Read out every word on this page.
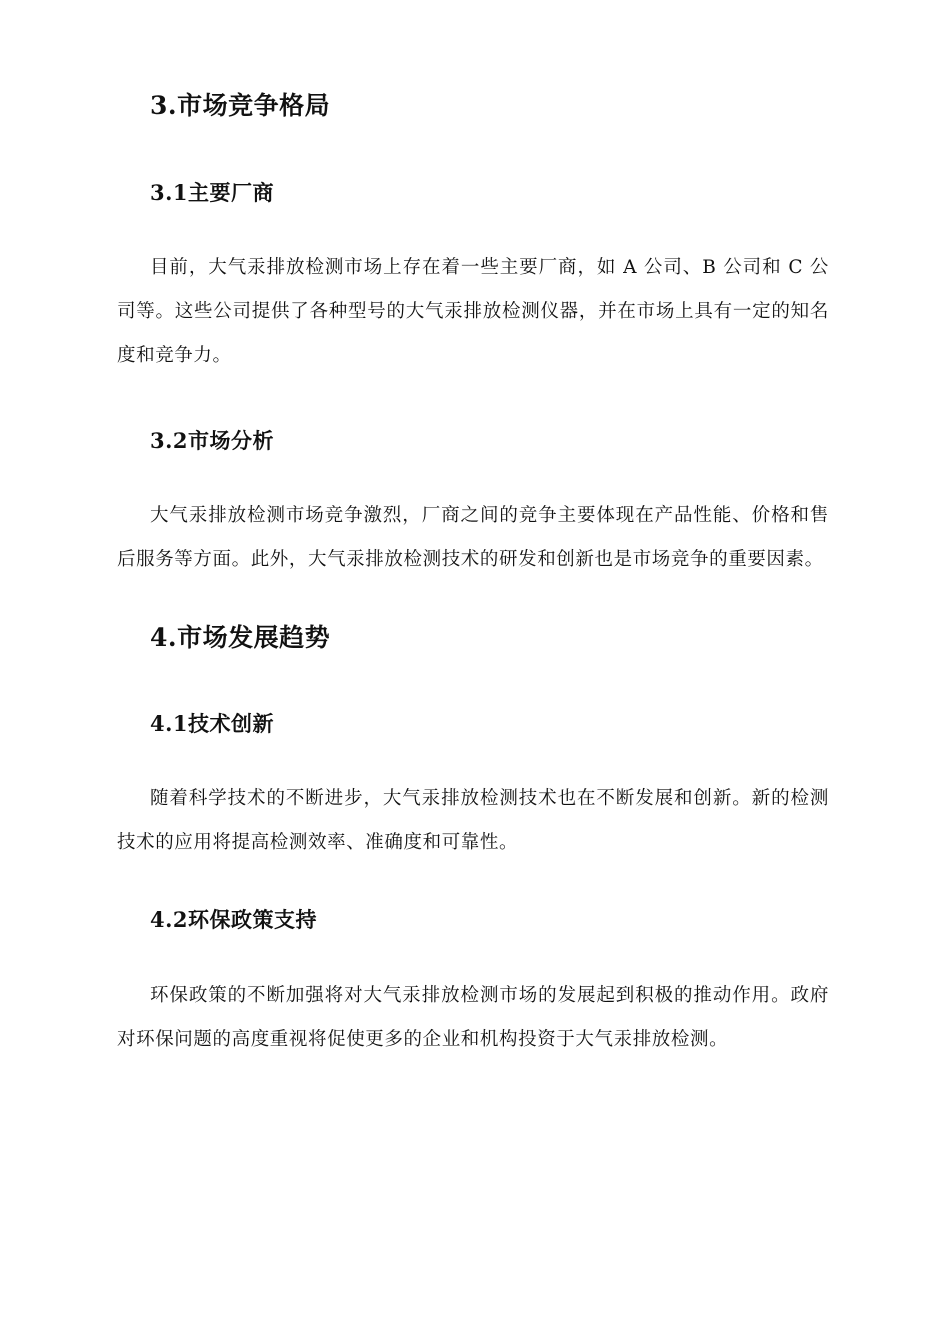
3.市场竞争格局
3.1主要厂商

目前，大气汞排放检测市场上存在着一些主要厂商，如 A 公司、B 公司和 C 公司等。这些公司提供了各种型号的大气汞排放检测仪器，并在市场上具有一定的知名度和竞争力。

3.2市场分析

大气汞排放检测市场竞争激烈，厂商之间的竞争主要体现在产品性能、价格和售后服务等方面。此外，大气汞排放检测技术的研发和创新也是市场竞争的重要因素。

4.市场发展趋势
4.1技术创新

随着科学技术的不断进步，大气汞排放检测技术也在不断发展和创新。新的检测技术的应用将提高检测效率、准确度和可靠性。

4.2环保政策支持

环保政策的不断加强将对大气汞排放检测市场的发展起到积极的推动作用。政府对环保问题的高度重视将促使更多的企业和机构投资于大气汞排放检测。
